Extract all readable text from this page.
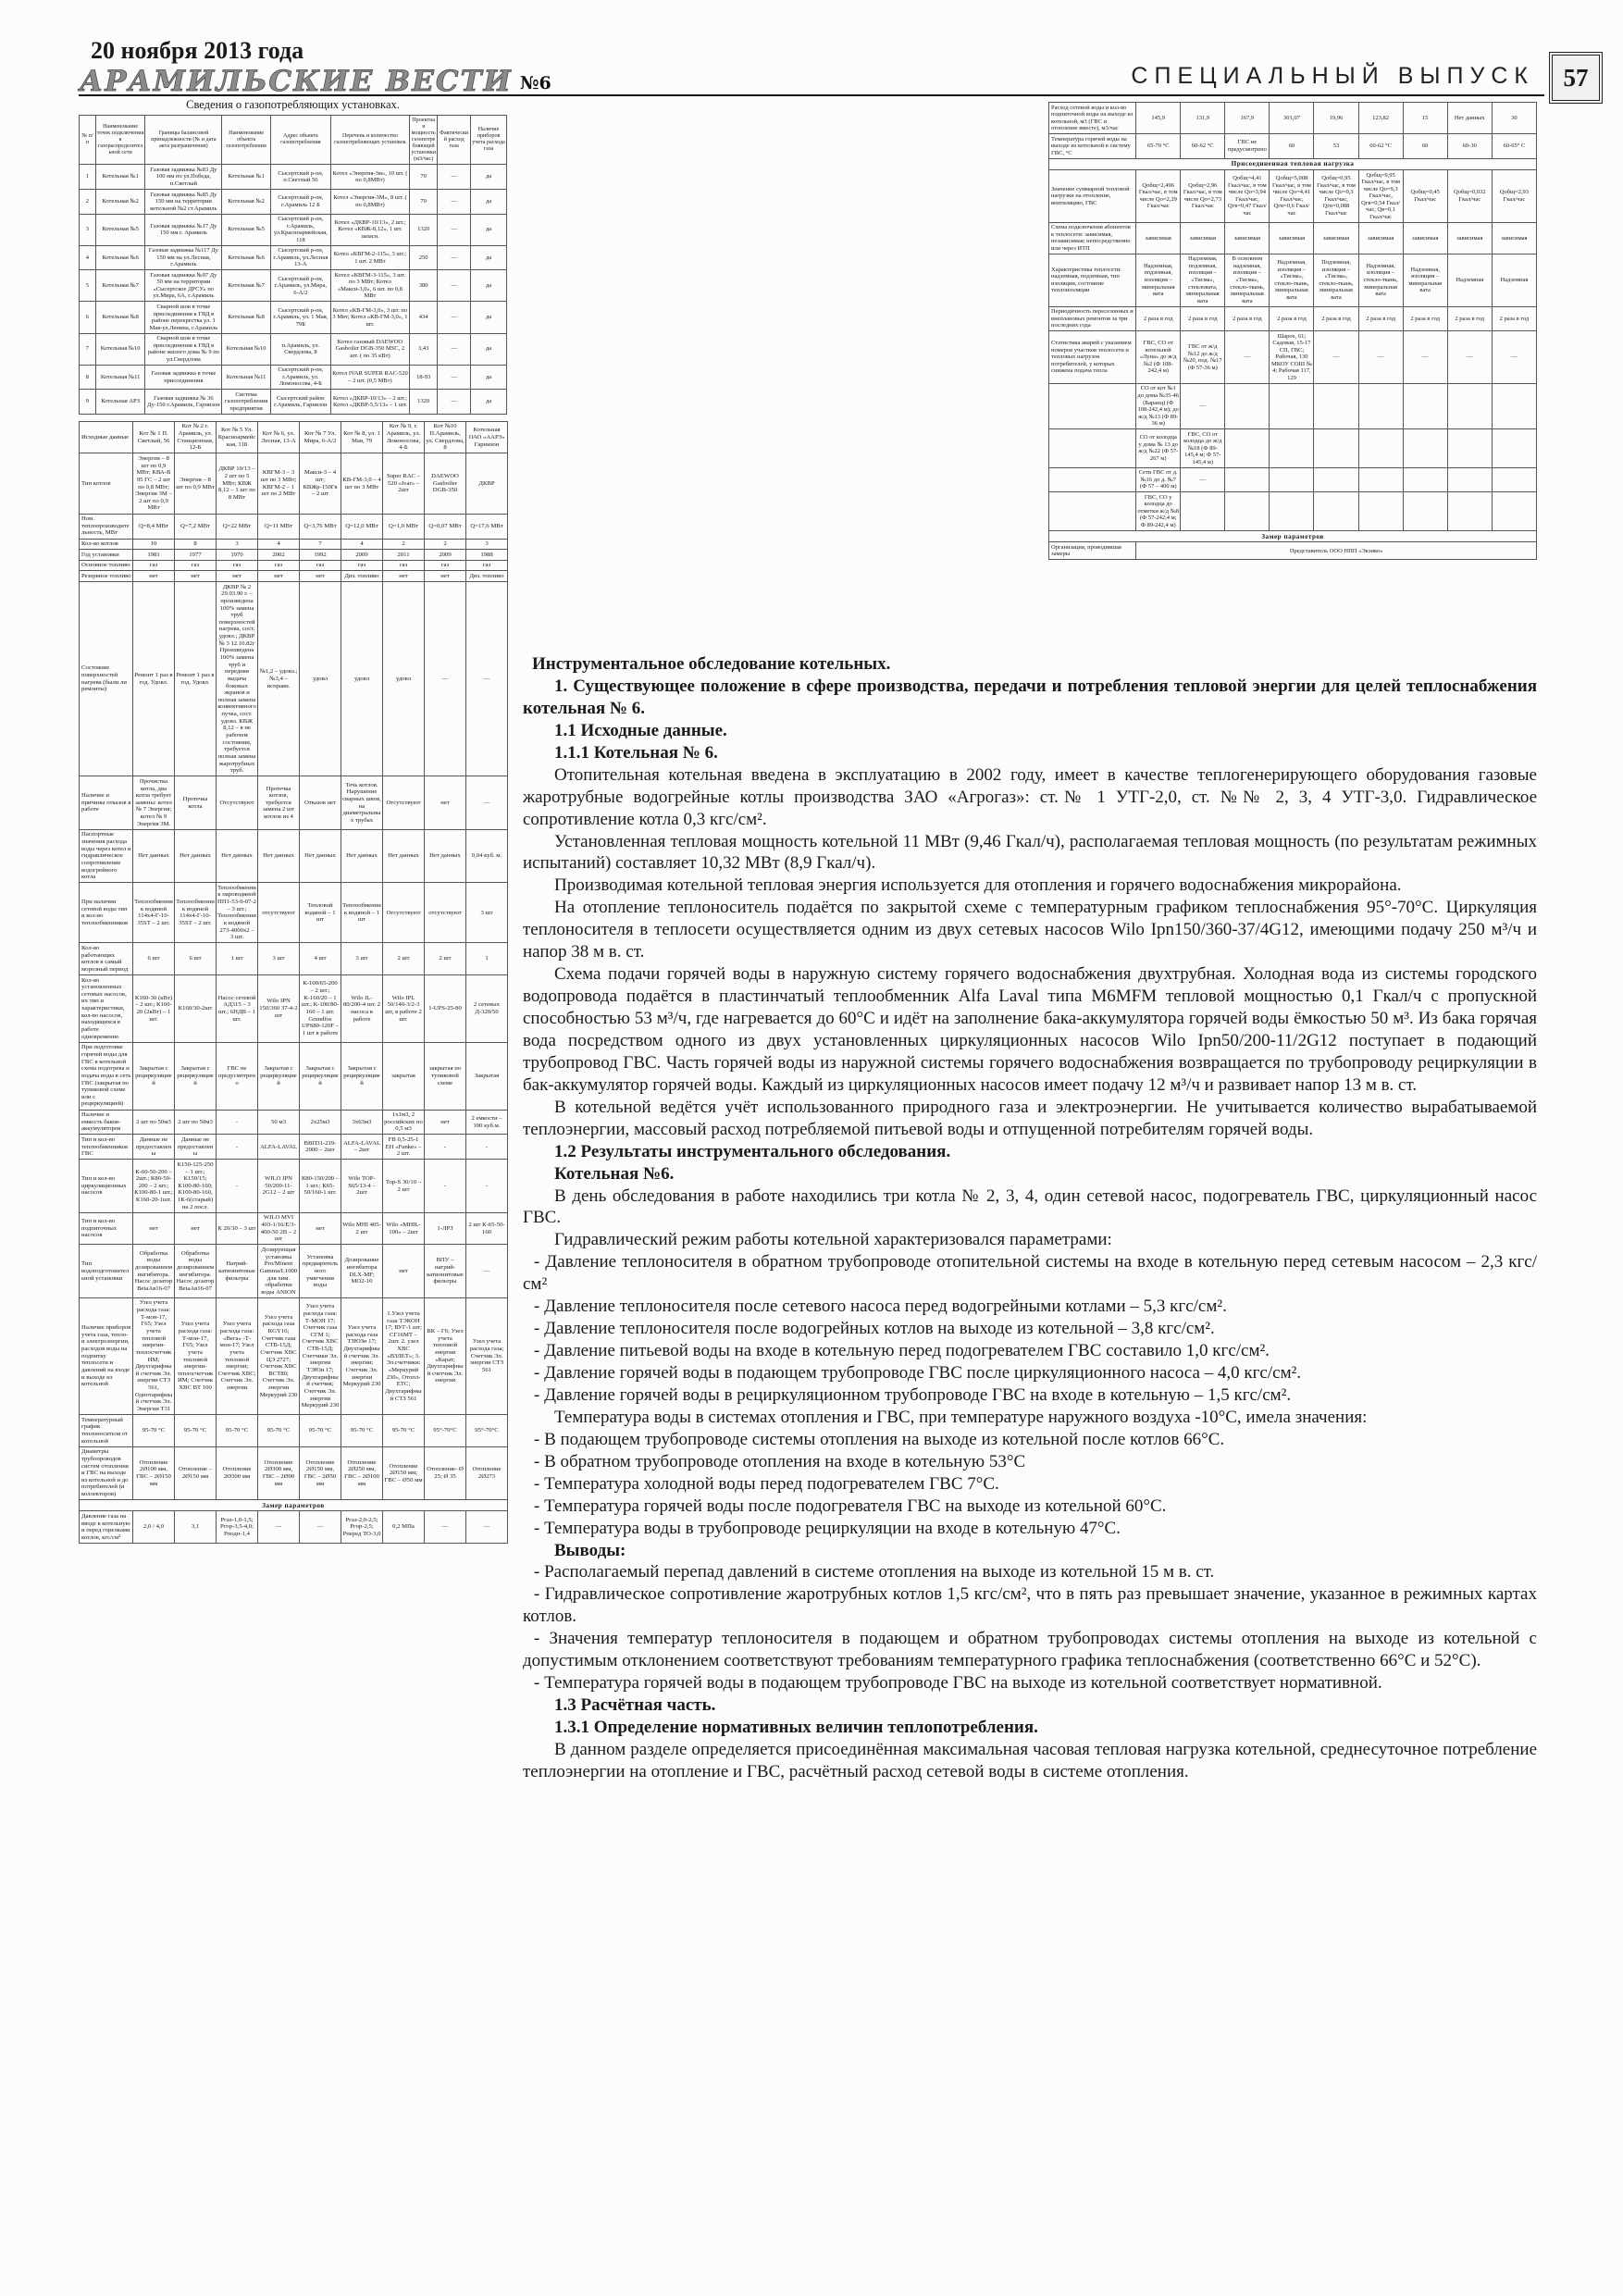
20 ноября 2013 года
АРАМИЛЬСКИЕ ВЕСТИ №6	СПЕЦИАЛЬНЫЙ ВЫПУСК 57
Сведения о газопотребляющих установках.
№ п/п	Наименование точек подключения к газораспределительной сети	Границы балансовой принадлежности (№ и дата акта разграничения)	Наименование объекта газопотребления	Адрес объекта газопотребления	Перечень и количество газопотребляющих установок	Проектная мощность газопотребляющей установки (м3/час)	Фактический расход газа	Наличие приборов учета расхода газа
1	Котельная №1	Газовая задвижка №83 Ду 100 мм по ул.Победа, п.Светлый	Котельная №1	Сысертский р-он, п.Светлый 56	Котел «Энергия-3м», 10 шт. ( по 0,8МВт)	70	—	да
2	Котельная №2	Газовая задвижка №85 Ду 150 мм на территории котельной №2 ст.Арамиль	Котельная №2	Сысертский р-он, г.Арамиль 12 Б	Котел «Энергия-3М», 8 шт. ( по 0,8МВт)	70	—	да
3	Котельная №5	Газовая задвижка №17 Ду 150 мм г. Арамиль	Котельная №5	Сысертский р-он, г.Арамиль, ул.Красноармейская, 118	Котел «ДКВР-10/13», 2 шт.; Котел «КВЖ-8,12», 1 шт. запасн.	1320	—	да
4	Котельная №6	Газовая задвижка №117 Ду 150 мм на ул.Лесная, г.Арамиль	Котельная №6	Сысертский р-он, г.Арамиль, ул.Лесная 13-А	Котел «КВГМ-2-115», 3 шт.; 1 шт. 2 МВт	250	—	да
5	Котельная №7	Газовая задвижка №97 Ду 50 мм на территории «Сысертское ДРСУ» по ул.Мира, 6А, г.Арамиль	Котельная №7	Сысертский р-он, г.Арамиль, ул.Мира, 6-А/2	Котел «КВГМ-3-115», 3 шт. по 3 МВт; Котел «Макси-3,0», 6 шт. по 0,8 МВт	380	—	да
6	Котельная №8	Сварной шов в точке присоединения к ГВД в районе перекрестка ул. 1 Мая-ул.Ленина, г.Арамиль	Котельная №8	Сысертский р-он, г.Арамиль, ул. 1 Мая, 79Б	Котел «КВ-ГМ-3,0», 3 шт. по 3 Мвт; Котел «КВ-ГМ-3,0», 1 шт.	434	—	да
7	Котельная №10	Сварной шов в точке присоединения к ГВД в районе жилого дома № 9 по ул.Свердлова	Котельная №10	п.Арамиль, ул. Свердлова, 8	Котел газовый DAEWOO Gasboiler DGB-350 MSC, 2 шт. ( по 35 кВт)	3,43	—	да
8	Котельная №11	Газовая задвижка в точке присоединения	Котельная №11	Сысертский р-он, г.Арамиль, ул. Ломоносова, 4-Б	Котел IVAR SUPER RAC-520 – 2 шт. (0,5 МВт)	18-93	—	да
9	Котельная АРЗ	Газовая задвижка № 36 Ду-150 г.Арамиль, Гарнизон	Система газопотребления предприятия	Сысертский район г.Арамиль, Гарнизон	Котел «ДКВР-10/13» – 2 шт.; Котел «ДКВР-5,5/13» – 1 шт.	1320	—	да
Исходные данные	Кот № 1 П. Светлый, 56	Кот № 2 г. Арамиль, ул. Станционная, 12-Б	Кот № 5 Ул. Красноармейская, 118	Кот № 6, ул. Лесная, 13-А	Кот № 7 Ул. Мира, 6-А/2	Кот № 8, ул. 1 Мая, 79	Кот № 9, г. Арамиль, ул. Ломоносова, 4-Б	Кот №10 П.Арамиль, ул. Свердлова, 8	Котельная ОАО «ААРЗ» Гарнизон
Тип котлов	Энергия – 8 шт по 0,9 МВт; КВА-В 95 ГС – 2 шт по 0,8 МВт; Энергия 3М – 2 шт по 0,9 МВт	Энергия – 8 шт по 0,9 МВт	ДКВР 10/13 – 2 шт по 5 МВт; КВЖ 8,12 – 1 шт по 8 МВт	КВГМ-3 – 3 шт по 3 МВт; КВГМ-2 – 1 шт по 2 МВт	Макси-3 – 4 шт; КВЖр-150Гв – 2 шт	КВ-ГМ-3,0 – 4 шт по 3 МВт	Super RAC – 520 «Ivar» – 2шт	DAEWOO Gasboiler DGB-350	ДКВР
Ном. теплопроизводительность, МВт	Q=8,4 МВт	Q=7,2 МВт	Q=22 МВт	Q=11 МВт	Q=3,76 МВт	Q=12,0 МВт	Q=1,0 МВт	Q=0,07 МВт	Q=17,6 МВт
Кол-во котлов	10	8	3	4	7	4	2	2	3
Год установки	1981	1977	1970	2002	1992	2009	2011	2009	1988
Основное топливо	газ	газ	газ	газ	газ	газ	газ	газ	газ
Резервное топливо	нет	нет	нет	нет	нет	Диз. топливо	нет	нет	Диз. топливо
Состояние поверхностей нагрева (были ли ремонты)	Ремонт 1 раз в год. Удовл.	Ремонт 1 раз в год. Удовл.	ДКВР № 2 29.03.90 г. – произведена 100% замена труб поверхностей нагрева, сост. удовл.; ДКВР № 3 12.10.82г Произведена 100% замена труб и передняя выдача боковых экранов и полная замена конвективного пучка, сост. удовл. КВЖ 8,12 – в не рабочем состоянии, требуется полная замена жаротрубных труб.	№1,2 – удовл.; №3,4 – исправн.	удовл	удовл	удовл	—	—
Наличие и причины отказов в работе	Прочистка котла, два котла требует замены: котел № 7 Энергия; котел № 9 Энергия 3М.	Протечка котла	Отсутствуют	Протечка котлов, требуется замена 2 шт котлов из 4	Отказов нет	Течь котлов. Нарушение сварных швов, на диаметральных трубах	Отсутствуют	нет	—
Паспортные значения расхода воды через котел и гидравлическое сопротивление водогрейного котла	Нет данных	Нет данных	Нет данных	Нет данных	Нет данных	Нет данных	Нет данных	Нет данных	9,04 куб. м.
При наличии сетевой воды тип и кол-во теплообменников	Теплообменник водяной 114х4-Г-10-35ST – 2 шт.	Теплообменник водяной 114х4-Г-10-35ST – 2 шт.	Теплообменник пароводяной ПП1-53-9-07-2 – 3 шт.; Теплообменник водяной 273-4000х2 – 3 шт.	отсутствуют	Тепловой водяной – 1 шт	Теплообменник водяной – 1 шт	Отсутствуют	отсутствуют	3 шт
Кол-во работающих котлов в самый морозный период	6 шт	6 шт	1 шт	3 шт	4 шт	3 шт	2 шт	2 шт	1
Кол-во установленных сетевых насосов, их тип и характеристики, кол-во насосов, находящихся в работе одновременно	К160-30 (кВт) – 2 шт.; К160-20 (2кВт) – 1 шт.	К160/30-2шт	Насос сетевой АД315 – 3 шт.; 6НДВ – 1 шт.	Wilo IPN 150/360 37-4-2 шт	К-100/65-200 – 2 шт.; К-160/20 – 1 шт.; К-100/80-160 – 1 шт. Grundfos UPS80-120F – 1 шт в работе	Wilo IL-80/200-4 шт. 2 насоса в работе	Wilo IPL 50/140-3/2-3 шт, в работе 2 шт.	1-UPS-25-80	2 сетевых Д-320/50
При подготовке горячей воды для ГВС в котельной схема подогрева и подача воды в сеть ГВС (закрытая по тупиковой схеме или с рециркуляцией)	Закрытая с рециркуляцией	Закрытая с рециркуляцией	ГВС не предусмотрено	Закрытая с рециркуляцией	Закрытая с рециркуляцией	Закрытая с рециркуляцией	закрытая	закрытая по тупиковой схеме	Закрытая
Наличие и емкость баков-аккумуляторов	2 шт по 50м3	2 шт по 50м3	-	50 м3	2х25м3	3х63м3	1х1м3, 2 российских по 0,5 м3	нет	2 емкости – 100 куб.м.
Тип и кол-во теплообменников ГВС	Данные не предоставлены	Данные не предоставлены	-	ALFA-LAVAL	ВВП31-219-2000 – 2шт	ALFA-LAVAL – 2шт	FB 0,5-25-1 ЕН «Funke» – 2 шт.	-	-
Тип и кол-во циркуляционных насосов	К-60-50-200 – 2шт.; К80-50-200 – 2 шт.; К100-80-1 шт.; К160-20-1шт.	К150-125-250 – 1 шт.; К150/15; К100-80-160; К100-80-160, 1К-6(старый) на 2 посл.	-	WILO IPN 50/200-11-2G12 – 2 шт	К80-150/200 – 1 шт.; К65-50/160-1 шт.	Wilo TOP-S65/13-4 – 2шт	Top-S 30/10 – 2 шт	-	-
Тип и кол-во подпиточных насосов	нет	нет	К 20/30 – 3 шт	WILO MVI 403-1/16/Е/3-400-50 2В – 2 шт	нет	Wilo MHI 405-2 шт	Wilo «MHIL-100» – 2шт	1-ЛРЗ	2 шт К-65-50-160
Тип водоподготовительной установки	Обработка воды дозированием ингибитора. Насос дозатор BetaAв16-07	Обработка воды дозированием ингибитора. Насос дозатор BetaAв16-07	Натрий-катионитовые фильтры	Дозирующая установка Pro/Minent Gamma/L1000 для хим. обработки воды ANION	Установка предварительного умягчения воды	Дозирование ингибитора DLX-MF; МО2-10	нет	ВПУ – натрий-катионитовые фильтры	—
Наличие приборов учета газа, тепло- и электроэнергии, расходов воды на подпитку теплосети и давлений на входе и выходе из котельной	Узел учета расхода газа: Т-мон-17, Г65; Узел учета тепловой энергии-теплосчетчик ИМ; Двухтарифный счетчик Эл. энергии СТЗ 561, Однотарифный счетчик Эл. Энергии Т31	Узел учета расхода газа: Т-мон-17, Г65; Узел учета тепловой энергии-теплосчетчик ИМ; Счетчик ХВС ВТ 100	Узел учета расхода газа: «Вега» -Т-мон-17; Узел учета тепловой энергии; Счетчик ХВС; Счетчик Эл. энергии	Узел учета расхода газа RGY16; Счетчик газа СТВ-15Д; Счетчик ХВС ЦЭ 2727; Счетчик ХВС ВСТ80; Счетчик Эл. энергии Меркурий 230	Узел учета расхода газа: Т-МОН 17; Счетчик газа СГМ 1; Счетчик ХВС СТВ-15Д; Счетчики Эл. энергии ТЭЮн 17; Двухтарифный счетчик; Счетчик Эл. энергии Меркурий 230	Узел учета расхода газа ТЗЮЗн 17; Двухтарифный счетчик Эл. энергии; Счетчик Эл. энергии Меркурий 230	1.Узел учета газа ТЭКОН 17; ВУГ-1 шт; СГ16МТ – 2шт. 2. узел ХВС «ВЗЛЕТ»; 3. Эл.счетчики: «Меркурий 230», Отопл-ЕТС; Двухтарифный СТЗ 561	ВК – Г6; Узел учета тепловой энергии «Карат; Двухтарифный счетчик Эл. энергии	Узел учета расхода газа; Счетчик Эл. энергии СТЗ 561
Температурный график теплоносителя от котельной	95-70 °С	95-70 °С	95-70 °С	95-70 °С	95-70 °С	95-70 °С	95-70 °С	95°-70°С	95°-70°С
Диаметры трубопроводов систем отопления и ГВС на выходе из котельной и до потребителей (и коллекторов)	Отопление 2Ø100 мм, ГВС – 2Ø150 мм	Отопление – 2Ø150 мм	Отопление 2Ø300 мм	Отопление 2Ø300 мм, ГВС – 2Ø90 мм	Отопление 2Ø150 мм, ГВС – 2Ø50 мм	Отопление 2Ø250 мм, ГВС – 2Ø100 мм	Отопление 2Ø150 мм; ГВС – Ø50 мм	Отопление- Ø 25; Ø 35	Отопление 2Ø273
Замер параметров									
Давление газа на вводе в котельную и перед горелками котлов, кгс/см²	2,0 / 4,0	3,1	Ргаз-1,0-1,5; Ргор-3,5-4,0; Рподп-1,4	—	—	Ргаз-2,0-2,5; Ргор-2,5; Рперед ТО-3,0	0,2 МПа	—	—
Расход сетевой воды и кол-во подпиточной воды на выходе из котельной, м3 (ГВС и отопление вместе), м3/час	145,9	131,9	167,9	301,07	19,96	123,82	15	Нет данных	30
Температура горячей воды на выходе из котельной в систему ГВС, °С	65-70 °С	60-62 °С	ГВС не предусмотрено	60	53	60-62 °С	60	60-30	60-65° С
Присоединенная тепловая нагрузка									
Значение суммарной тепловой нагрузки на отопление, вентиляцию, ГВС	Qобщ=2,496 Гкал/час, в том числе Qо=2,29 Гкал/час	Qобщ=2,96 Гкал/час, в том числе Qо=2,73 Гкал/час	Qобщ=4,41 Гкал/час, в том числе Qо=3,94 Гкал/час, Qгв=0,47 Гкал/час	Qобщ=5,008 Гкал/час, в том числе Qо=4,41 Гкал/час, Qгв=0,6 Гкал/час	Qобщ=0,95 Гкал/час, в том числе Qо=0,3 Гкал/час, Qгв=0,088 Гкал/час	Qобщ=9,95 Гкал/час, в том числе Qо=9,3 Гкал/час, Qгв=0,54 Гкал/час, Qв=0,1 Гкал/час	Qобщ=0,45 Гкал/час	Qобщ=0,032 Гкал/час	Qобщ=2,93 Гкал/час
Схема подключения абонентов к теплосети: зависимая, независимая; непосредственно или через ИТП	зависимая	зависимая	зависимая	зависимая	зависимая	зависимая	зависимая	зависимая	зависимая
Характеристика теплосети: надземная, подземная, тип изоляции, состояние теплоизоляции	Надземная, подземная, изоляция – минеральная вата	Надземная, подземная, изоляция – «Тисма», стекловата, минеральная вата	В основном надземная, изоляция – «Тисма», стекло-ткань, минеральная вата	Надземная, изоляция – «Тисма», стекло-ткань, минеральная вата	Подземная, изоляция – «Тисма», стекло-ткань, минеральная вата	Надземная, изоляция – стекло-ткань, минеральная вата	Надземная, изоляция – минеральная вата	Надземная	Надземная
Периодичность пересезонных и внеплановых ремонтов за три последних года	2 раза в год	2 раза в год	2 раза в год	2 раза в год	2 раза в год	2 раза в год	2 раза в год	2 раза в год	2 раза в год
Статистика аварий с указанием номеров участков теплосети и тепловых нагрузок потребителей, у которых снижена подача тепла	ГВС, СО от котельной «Луна» до ж/д №2 (Ф 108-242,4 м)	ГВС от ж/д №12 до ж/д №20, под. №17 (Ф 57-36 м)	—	Шарох, 61; Садовая, 15-17 СП, ГВС; Рабочая, 130 МКОУ СОШ № 4; Рабочая 117, 129	—	—	—	—	—
	СО от кот №1 до дома №35-46 (Баранц) (Ф 108-242,4 м); до ж/д №13 (Ф 89-36 м)	—							
	СО от колодца у дома № 13 до ж/д №22 (Ф 57-267 м)	ГВС, СО от колодца до ж/д №18 (Ф 89-145,4 м; Ф 57-145,4 м)							
	Сети ГВС от д. №16 до д. №7 (Ф 57 – 400 м)	—							
	ГВС, СО у колодца до отметки ж/д №8 (Ф 57-242,4 м; Ф 89-242,4 м)								
Замер параметров									
Организация, проводившая замеры	Представитель ООО НПП «Экэнко»								
Инструментальное обследование котельных.
1. Существующее положение в сфере производства, передачи и потребления тепловой энергии для целей теплоснабжения котельная № 6.
1.1 Исходные данные.
1.1.1 Котельная № 6.
Отопительная котельная введена в эксплуатацию в 2002 году, имеет в качестве теплогенерирующего оборудования газовые жаротрубные водогрейные котлы производства ЗАО «Агрогаз»: ст.№ 1 УТГ-2,0, ст. №№ 2, 3, 4 УТГ-3,0. Гидравлическое сопротивление котла 0,3 кгс/см².
Установленная тепловая мощность котельной 11 МВт (9,46 Гкал/ч), располагаемая тепловая мощность (по результатам режимных испытаний) составляет 10,32 МВт (8,9 Гкал/ч).
Производимая котельной тепловая энергия используется для отопления и горячего водоснабжения микрорайона.
На отопление теплоноситель подаётся по закрытой схеме с температурным графиком теплоснабжения 95°-70°С. Циркуляция теплоносителя в теплосети осуществляется одним из двух сетевых насосов Wilo Ipn150/360-37/4G12, имеющими подачу 250 м³/ч и напор 38 м в. ст.
Схема подачи горячей воды в наружную систему горячего водоснабжения двухтрубная. Холодная вода из системы городского водопровода подаётся в пластинчатый теплообменник Alfa Laval типа M6MFM тепловой мощностью 0,1 Гкал/ч с пропускной способностью 53 м³/ч, где нагревается до 60°С и идёт на заполнение бака-аккумулятора горячей воды ёмкостью 50 м³. Из бака горячая вода посредством одного из двух установленных циркуляционных насосов Wilo Ipn50/200-11/2G12 поступает в подающий трубопровод ГВС. Часть горячей воды из наружной системы горячего водоснабжения возвращается по трубопроводу рециркуляции в бак-аккумулятор горячей воды. Каждый из циркуляционных насосов имеет подачу 12 м³/ч и развивает напор 13 м в. ст.
В котельной ведётся учёт использованного природного газа и электроэнергии. Не учитывается количество вырабатываемой теплоэнергии, массовый расход потребляемой питьевой воды и отпущенной потребителям горячей воды.
1.2 Результаты инструментального обследования.
Котельная №6.
В день обследования в работе находились три котла № 2, 3, 4, один сетевой насос, подогреватель ГВС, циркуляционный насос ГВС.
Гидравлический режим работы котельной характеризовался параметрами:
- Давление теплоносителя в обратном трубопроводе отопительной системы на входе в котельную перед сетевым насосом – 2,3 кгс/см²
- Давление теплоносителя после сетевого насоса перед водогрейными котлами – 5,3 кгс/см².
- Давление теплоносителя после водогрейных котлов на выходе из котельной – 3,8 кгс/см².
- Давление питьевой воды на входе в котельную перед подогревателем ГВС составило 1,0 кгс/см².
- Давление горячей воды в подающем трубопроводе ГВС после циркуляционного насоса – 4,0 кгс/см².
- Давление горячей воды в рециркуляционном трубопроводе ГВС на входе в котельную – 1,5 кгс/см².
Температура воды в системах отопления и ГВС, при температуре наружного воздуха -10°С, имела значения:
- В подающем трубопроводе системы отопления на выходе из котельной после котлов 66°С.
- В обратном трубопроводе отопления на входе в котельную 53°С
- Температура холодной воды перед подогревателем ГВС 7°С.
- Температура горячей воды после подогревателя ГВС на выходе из котельной 60°С.
- Температура воды в трубопроводе рециркуляции на входе в котельную 47°С.
Выводы:
- Располагаемый перепад давлений в системе отопления на выходе из котельной 15 м в. ст.
- Гидравлическое сопротивление жаротрубных котлов 1,5 кгс/см², что в пять раз превышает значение, указанное в режимных картах котлов.
- Значения температур теплоносителя в подающем и обратном трубопроводах системы отопления на выходе из котельной с допустимым отклонением соответствуют требованиям температурного графика теплоснабжения (соответственно 66°С и 52°С).
- Температура горячей воды в подающем трубопроводе ГВС на выходе из котельной соответствует нормативной.
1.3 Расчётная часть.
1.3.1 Определение нормативных величин теплопотребления.
В данном разделе определяется присоединённая максимальная часовая тепловая нагрузка котельной, среднесуточное потребление теплоэнергии на отопление и ГВС, расчётный расход сетевой воды в системе отопления.
